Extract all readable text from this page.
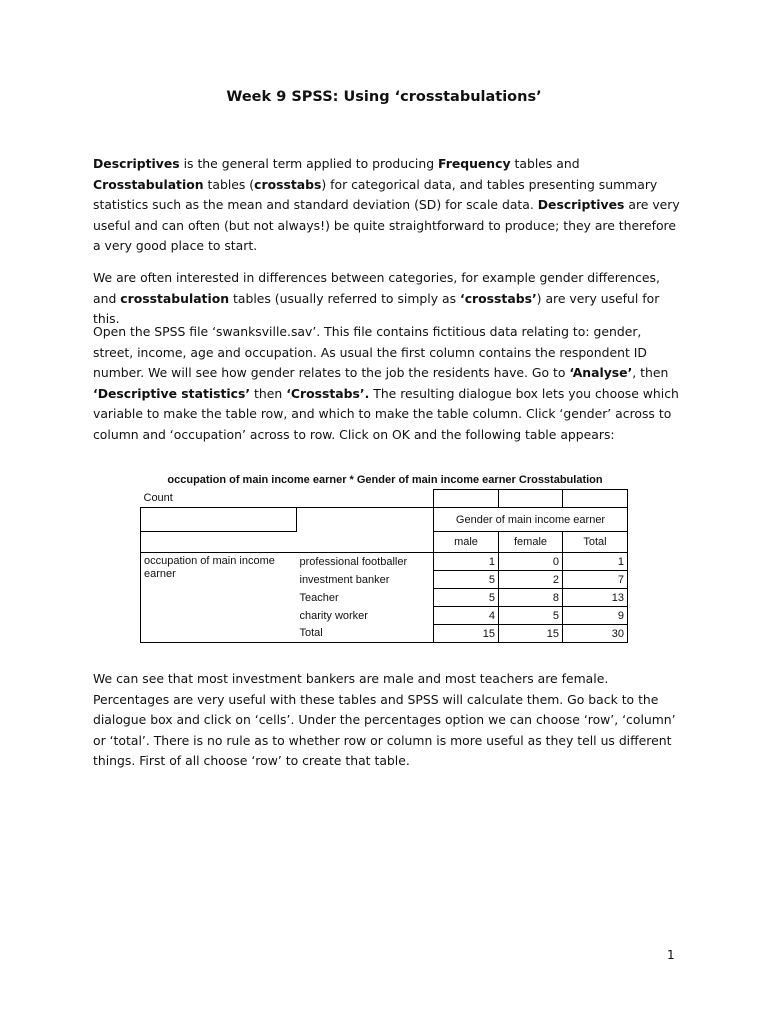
Week 9 SPSS: Using ‘crosstabulations’

Descriptives is the general term applied to producing Frequency tables and Crosstabulation tables (crosstabs) for categorical data, and tables presenting summary statistics such as the mean and standard deviation (SD) for scale data. Descriptives are very useful and can often (but not always!) be quite straightforward to produce; they are therefore a very good place to start.

We are often interested in differences between categories, for example gender differences, and crosstabulation tables (usually referred to simply as ‘crosstabs’) are very useful for this.

Open the SPSS file ‘swanksville.sav’. This file contains fictitious data relating to: gender, street, income, age and occupation. As usual the first column contains the respondent ID number. We will see how gender relates to the job the residents have. Go to ‘Analyse’, then ‘Descriptive statistics’ then ‘Crosstabs’. The resulting dialogue box lets you choose which variable to make the table row, and which to make the table column. Click ‘gender’ across to column and ‘occupation’ across to row. Click on OK and the following table appears:

occupation of main income earner * Gender of main income earner Crosstabulation
Count				
		Gender of main income earner		
		male	female	Total
occupation of main income earner	professional footballer	1	0	1
	investment banker	5	2	7
	Teacher	5	8	13
	charity worker	4	5	9
	Total	15	15	30

We can see that most investment bankers are male and most teachers are female. Percentages are very useful with these tables and SPSS will calculate them. Go back to the dialogue box and click on ‘cells’. Under the percentages option we can choose ‘row’, ‘column’ or ‘total’. There is no rule as to whether row or column is more useful as they tell us different things. First of all choose ‘row’ to create that table.

1
